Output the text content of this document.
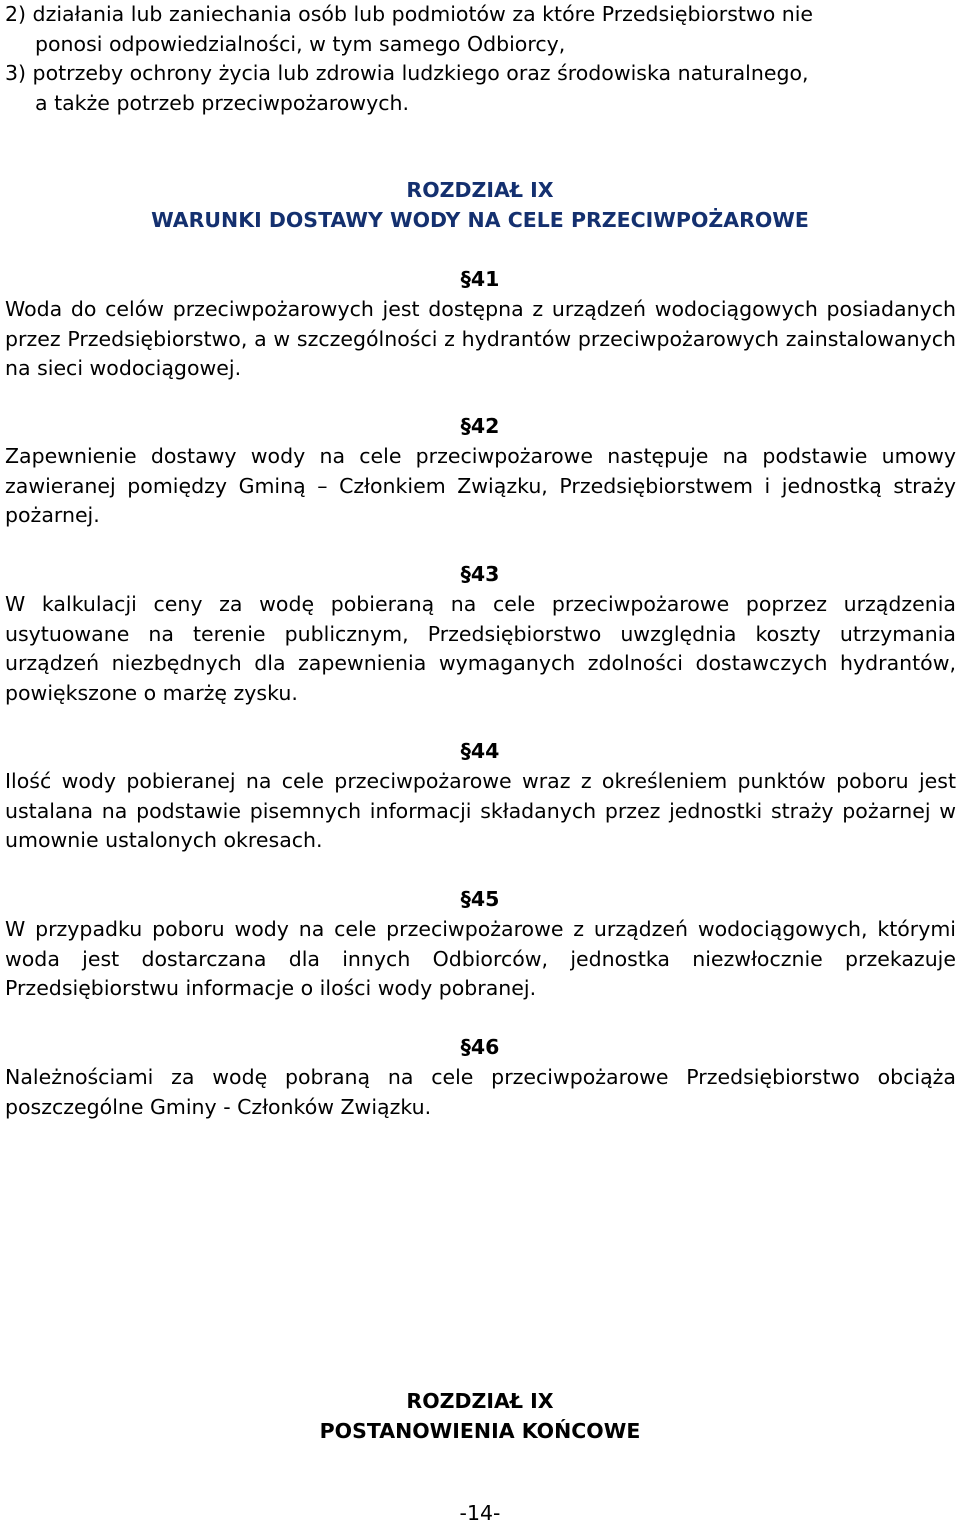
2) działania lub zaniechania osób lub podmiotów za które Przedsiębiorstwo nie

ponosi odpowiedzialności, w tym samego Odbiorcy,

3) potrzeby ochrony życia lub zdrowia ludzkiego oraz środowiska naturalnego,

a także potrzeb przeciwpożarowych.

ROZDZIAŁ IX

WARUNKI DOSTAWY WODY NA CELE PRZECIWPOŻAROWE

§41

Woda do celów przeciwpożarowych jest dostępna z urządzeń wodociągowych posiadanych przez Przedsiębiorstwo, a w szczególności z hydrantów przeciwpożarowych zainstalowanych na sieci wodociągowej.

§42

Zapewnienie dostawy wody na cele przeciwpożarowe następuje na podstawie umowy zawieranej pomiędzy Gminą – Członkiem Związku, Przedsiębiorstwem i jednostką straży pożarnej.

§43

W kalkulacji ceny za wodę pobieraną na cele przeciwpożarowe poprzez urządzenia usytuowane na terenie publicznym, Przedsiębiorstwo uwzględnia koszty utrzymania urządzeń niezbędnych dla zapewnienia wymaganych zdolności dostawczych hydrantów, powiększone o marżę zysku.

§44

Ilość wody pobieranej na cele przeciwpożarowe wraz z określeniem punktów poboru jest ustalana na podstawie pisemnych informacji składanych przez jednostki straży pożarnej w umownie ustalonych okresach.

§45

W przypadku poboru wody na cele przeciwpożarowe z urządzeń wodociągowych, którymi woda jest dostarczana dla innych Odbiorców, jednostka niezwłocznie przekazuje Przedsiębiorstwu informacje o ilości wody pobranej.

§46

Należnościami za wodę pobraną na cele przeciwpożarowe Przedsiębiorstwo obciąża poszczególne Gminy - Członków Związku.

ROZDZIAŁ IX

POSTANOWIENIA KOŃCOWE

-14-
